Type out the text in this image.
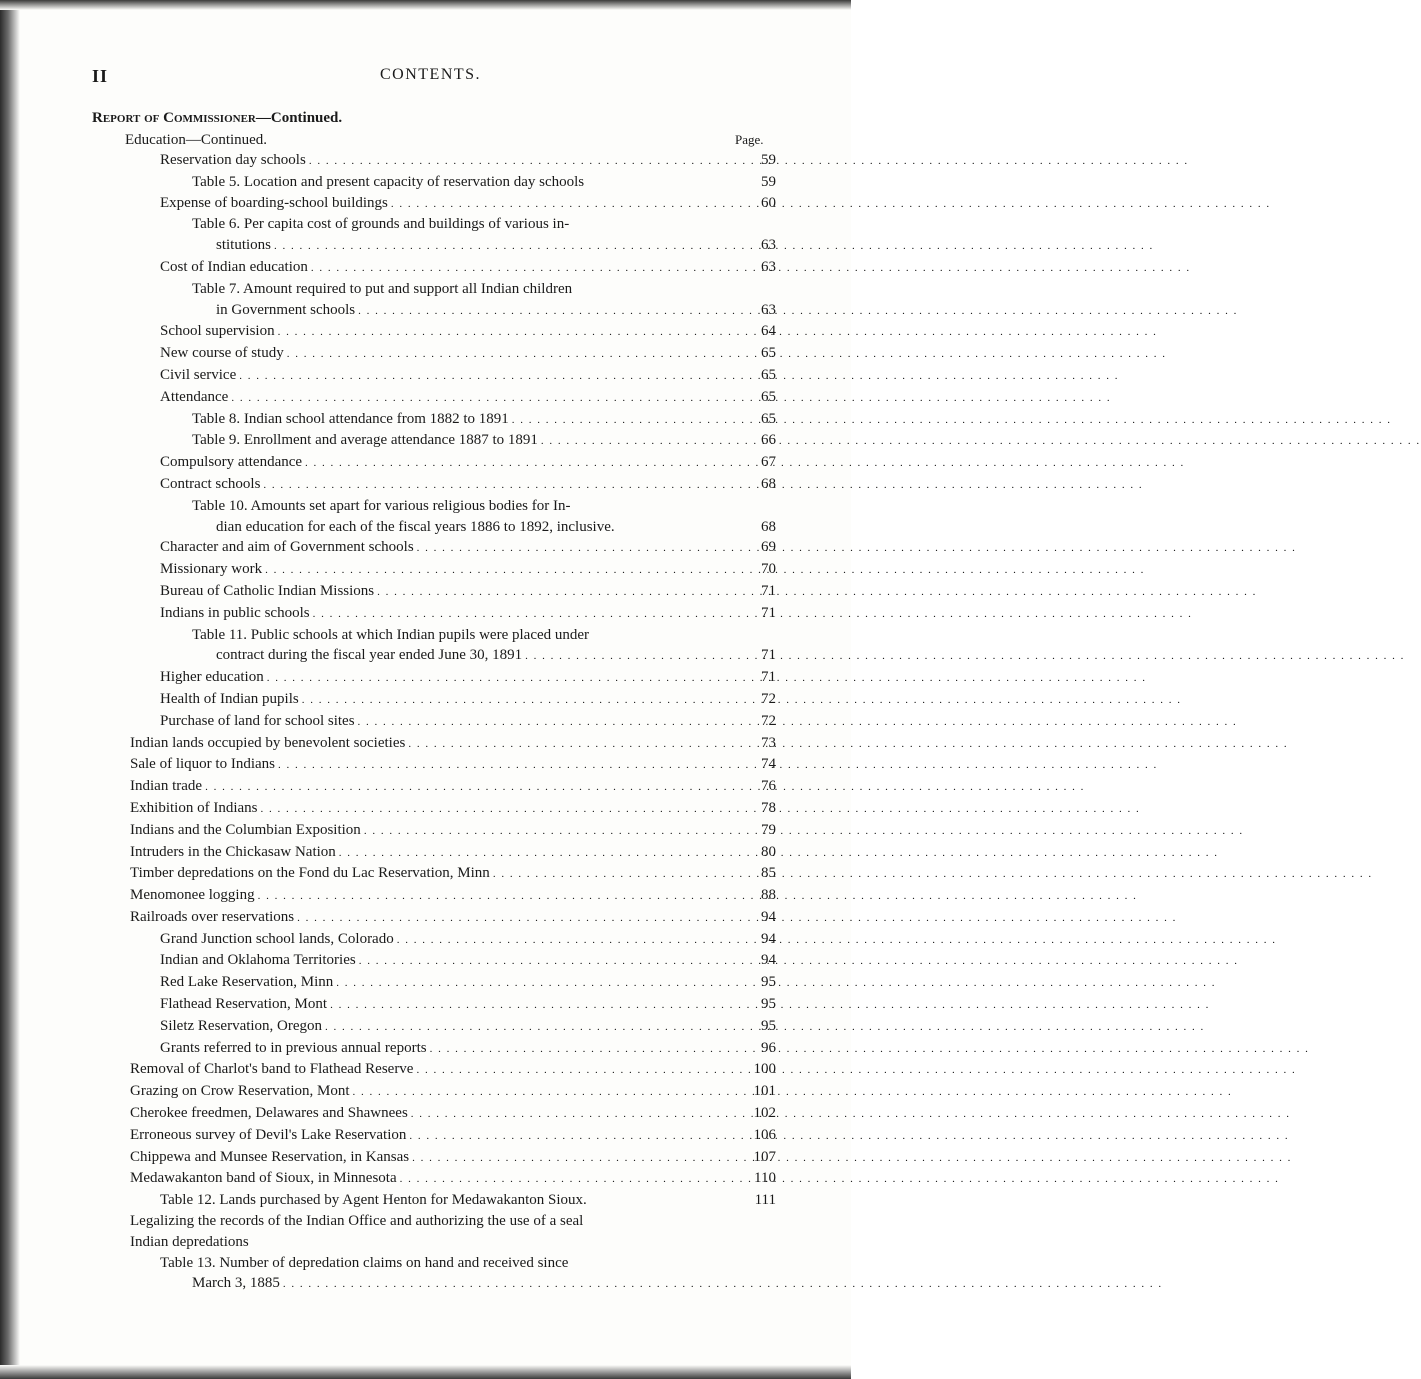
II	CONTENTS.
Report of Commissioner—Continued.
Education—Continued.	Page.
Reservation day schools . . .	59
Table 5. Location and present capacity of reservation day schools	59
Expense of boarding-school buildings . . .	60
Table 6. Per capita cost of grounds and buildings of various in-
stitutions . . .	63
Cost of Indian education . . .	63
Table 7. Amount required to put and support all Indian children
in Government schools . . .	63
School supervision . . .	64
New course of study . . .	65
Civil service . . .	65
Attendance . . .	65
Table 8. Indian school attendance from 1882 to 1891 . . .	65
Table 9. Enrollment and average attendance 1887 to 1891 . . .	66
Compulsory attendance . . .	67
Contract schools . . .	68
Table 10. Amounts set apart for various religious bodies for In-
dian education for each of the fiscal years 1886 to 1892, inclusive.	68
Character and aim of Government schools . . .	69
Missionary work . . .	70
Bureau of Catholic Indian Missions . . .	71
Indians in public schools . . .	71
Table 11. Public schools at which Indian pupils were placed under
contract during the fiscal year ended June 30, 1891 . . .	71
Higher education . . .	71
Health of Indian pupils . . .	72
Purchase of land for school sites . . .	72
Indian lands occupied by benevolent societies . . .	73
Sale of liquor to Indians . . .	74
Indian trade . . .	76
Exhibition of Indians . . .	78
Indians and the Columbian Exposition . . .	79
Intruders in the Chickasaw Nation . . .	80
Timber depredations on the Fond du Lac Reservation, Minn . . .	85
Menomonee logging . . .	88
Railroads over reservations . . .	94
Grand Junction school lands, Colorado . . .	94
Indian and Oklahoma Territories . . .	94
Red Lake Reservation, Minn . . .	95
Flathead Reservation, Mont . . .	95
Siletz Reservation, Oregon . . .	95
Grants referred to in previous annual reports . . .	96
Removal of Charlot's band to Flathead Reserve . . .	100
Grazing on Crow Reservation, Mont . . .	101
Cherokee freedmen, Delawares and Shawnees . . .	102
Erroneous survey of Devil's Lake Reservation . . .	106
Chippewa and Munsee Reservation, in Kansas . . .	107
Medawakanton band of Sioux, in Minnesota . . .	110
Table 12. Lands purchased by Agent Henton for Medawakanton Sioux.	111
Legalizing the records of the Indian Office and authorizing the use of a seal
Indian depredations
Table 13. Number of depredation claims on hand and received since
March 3, 1885
. . .
